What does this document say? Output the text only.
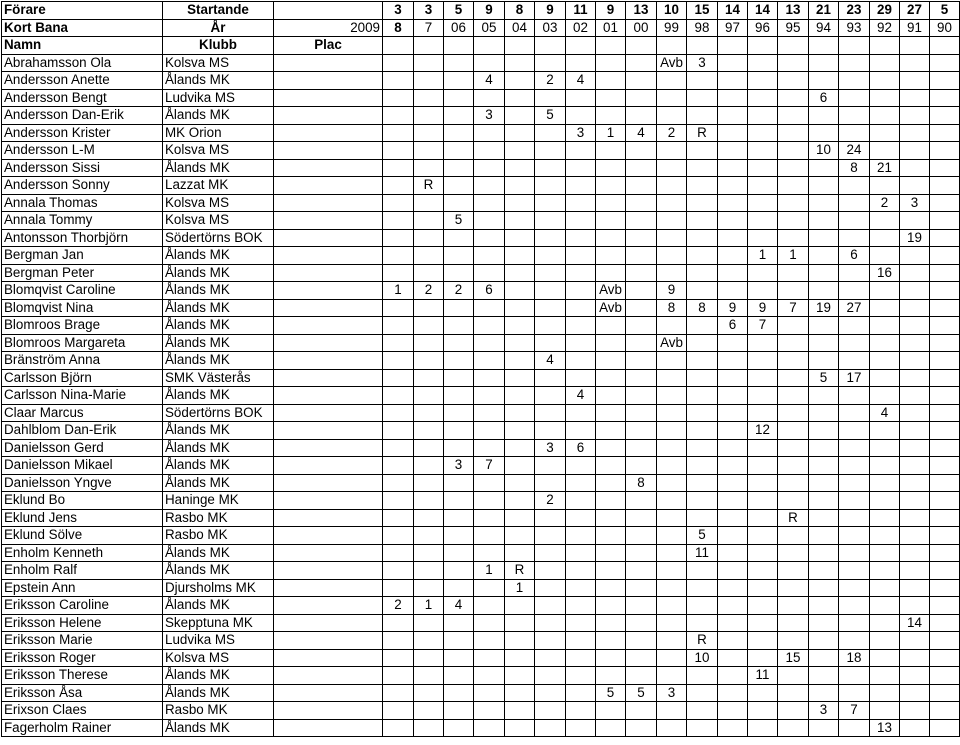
Förare	Startande		3	3	5	9	8	9	11	9	13	10	15	14	14	13	21	23	29	27	5
Kort Bana	År	2009	8	7	06	05	04	03	02	01	00	99	98	97	96	95	94	93	92	91	90
Namn	Klubb	Plac																			
Abrahamsson Ola	Kolsva MS											Avb	3								
Andersson Anette	Ålands MK					4		2	4												
Andersson Bengt	Ludvika MS																6				
Andersson Dan-Erik	Ålands MK					3		5													
Andersson Krister	MK Orion								3	1	4	2	R								
Andersson L-M	Kolsva MS																10	24			
Andersson Sissi	Ålands MK																	8	21		
Andersson Sonny	Lazzat MK			R																	
Annala Thomas	Kolsva MS																		2	3	
Annala Tommy	Kolsva MS				5																
Antonsson Thorbjörn	Södertörns BOK																			19	
Bergman Jan	Ålands MK														1	1		6			
Bergman Peter	Ålands MK																		16		
Blomqvist Caroline	Ålands MK		1	2	2	6				Avb		9									
Blomqvist Nina	Ålands MK									Avb		8	8	9	9	7	19	27			
Blomroos Brage	Ålands MK													6	7						
Blomroos Margareta	Ålands MK											Avb									
Bränström Anna	Ålands MK							4													
Carlsson Björn	SMK Västerås																5	17			
Carlsson Nina-Marie	Ålands MK								4												
Claar Marcus	Södertörns BOK																		4		
Dahlblom Dan-Erik	Ålands MK														12						
Danielsson Gerd	Ålands MK							3	6												
Danielsson Mikael	Ålands MK				3	7															
Danielsson Yngve	Ålands MK										8										
Eklund Bo	Haninge MK							2													
Eklund Jens	Rasbo MK															R					
Eklund Sölve	Rasbo MK												5								
Enholm Kenneth	Ålands MK												11								
Enholm Ralf	Ålands MK					1	R														
Epstein Ann	Djursholms MK						1														
Eriksson Caroline	Ålands MK		2	1	4																
Eriksson Helene	Skepptuna MK																			14	
Eriksson Marie	Ludvika MS												R								
Eriksson Roger	Kolsva MS												10			15		18			
Eriksson Therese	Ålands MK														11						
Eriksson Åsa	Ålands MK									5	5	3									
Erixson Claes	Rasbo MK																3	7			
Fagerholm Rainer	Ålands MK																		13		
